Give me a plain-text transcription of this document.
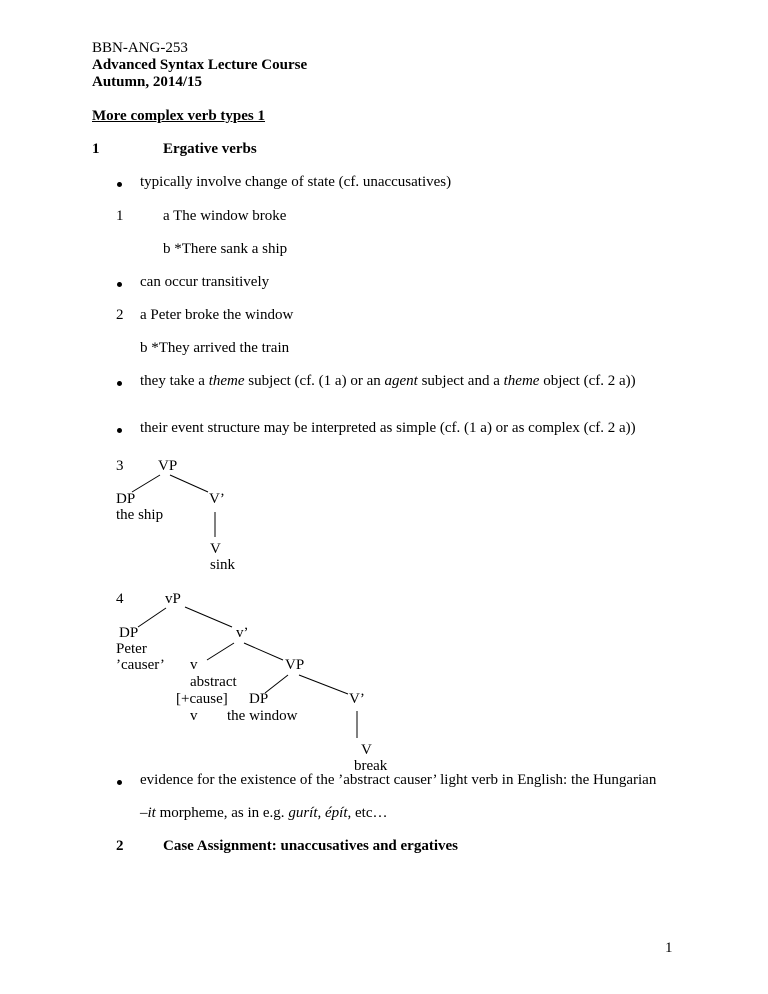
BBN-ANG-253
Advanced Syntax Lecture Course
Autumn, 2014/15
More complex verb types 1
1	Ergative verbs
typically involve change of state (cf. unaccusatives)
1	a The window broke
b *There sank a ship
can occur transitively
2 a Peter broke the window
b *They arrived the train
they take a theme subject (cf. (1 a) or an agent subject and a theme object (cf. 2 a))
their event structure may be interpreted as simple (cf. (1 a) or as complex (cf. 2 a))
3 VP
DP
the ship
V’
V
sink
4	vP
DP
Peter
’causer’
v’
v
abstract
[+cause]
v
VP
DP
the window
V’
V
break
evidence for the existence of the ’abstract causer’ light verb in English: the Hungarian
–it morpheme, as in e.g. gurít, épít, etc…
2	Case Assignment: unaccusatives and ergatives
1
